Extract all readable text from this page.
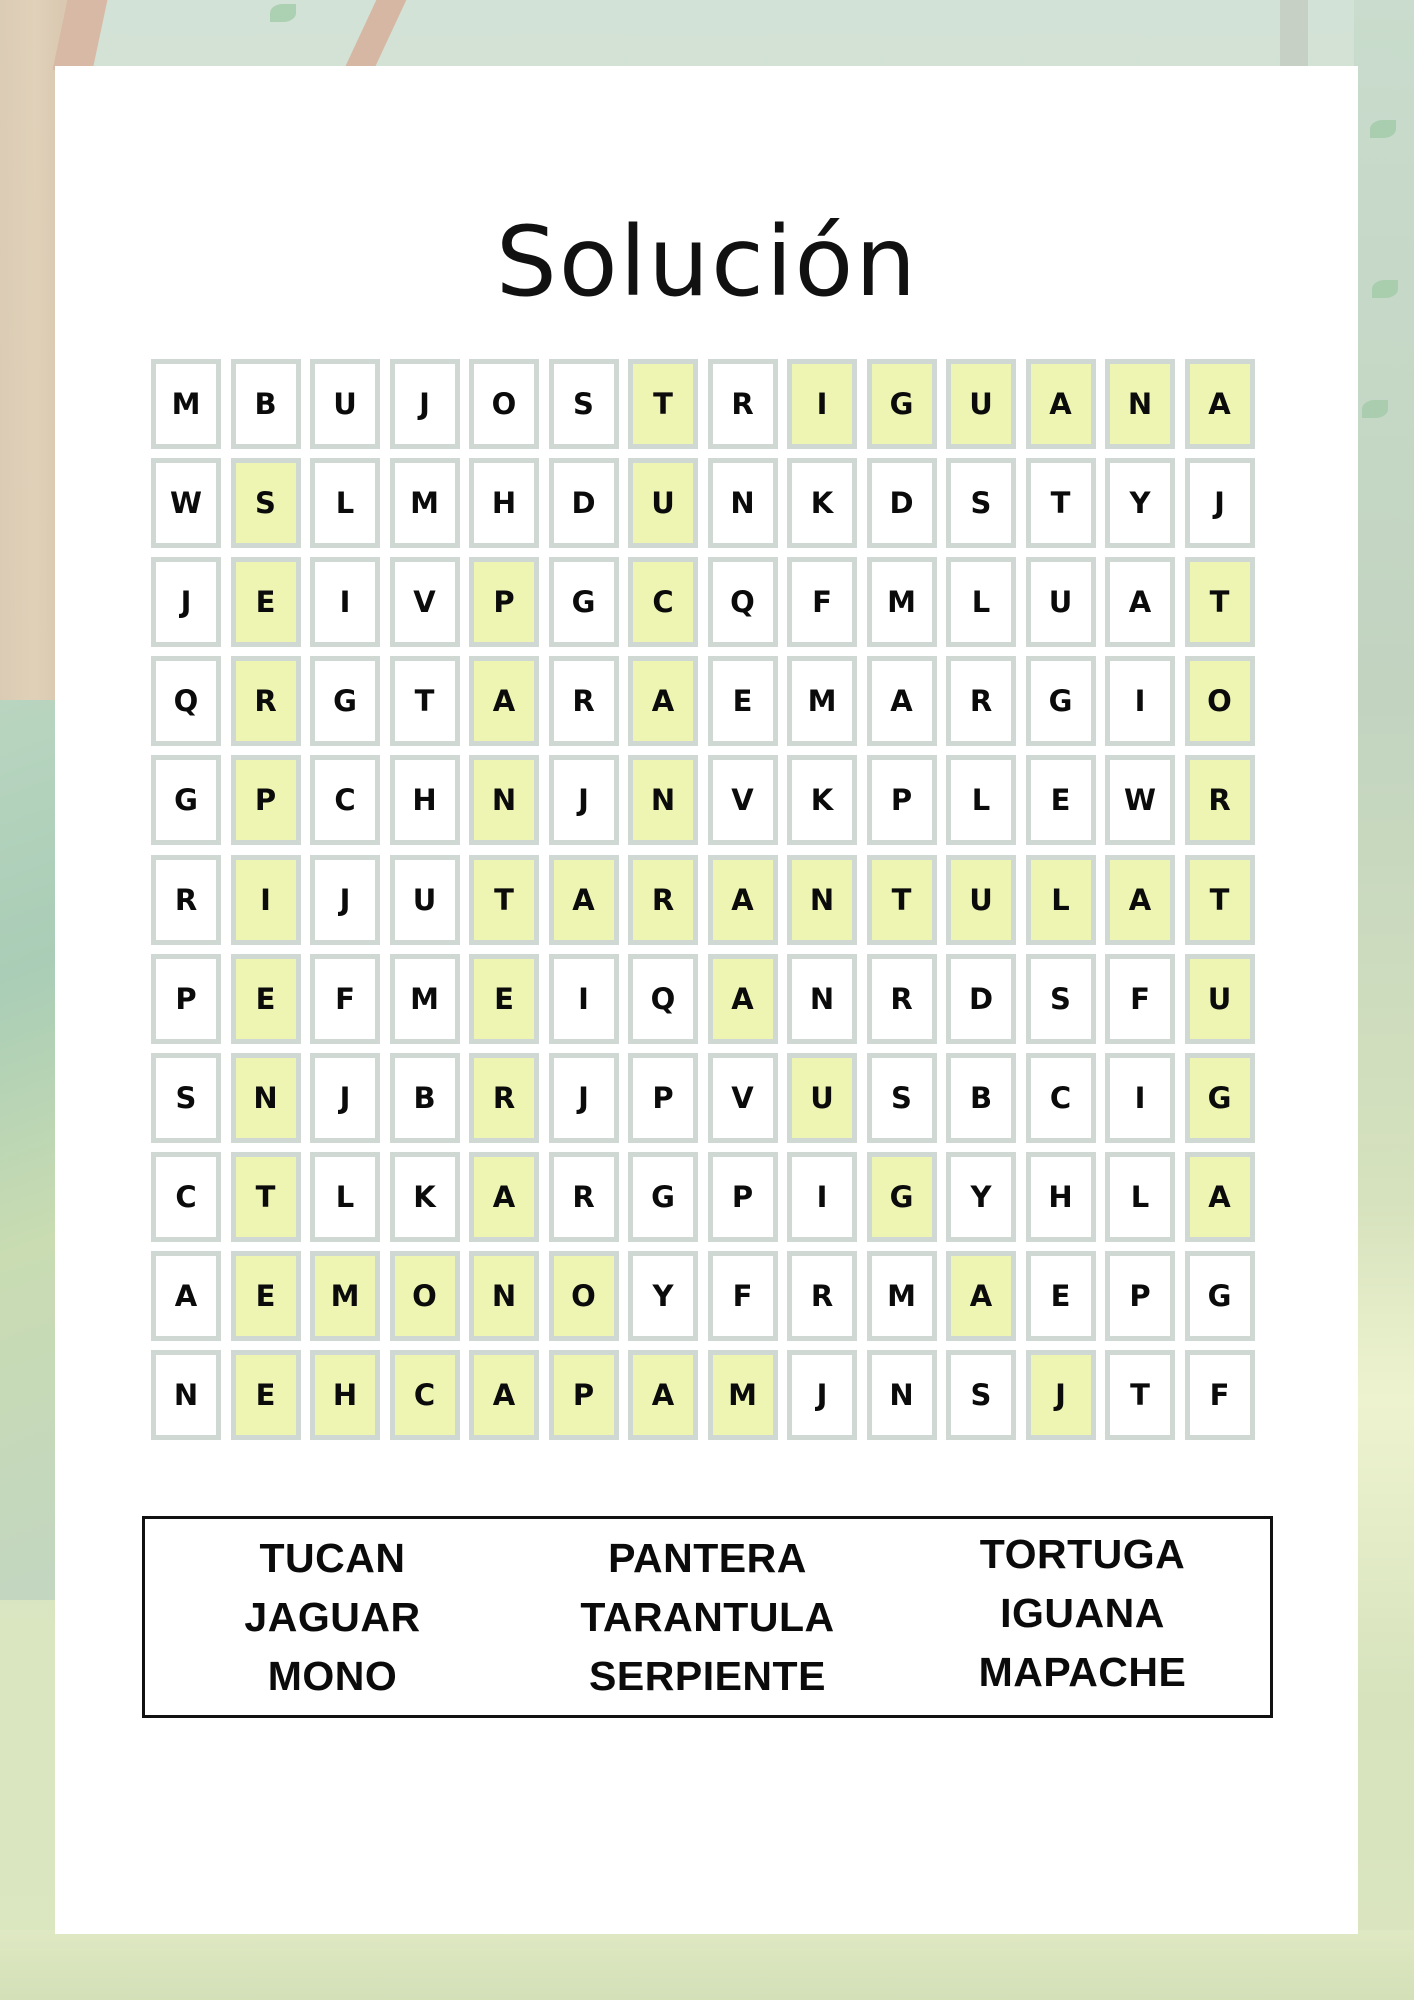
Solución
M	B	U	J	O	S	T	R	I	G	U	A	N	A
W	S	L	M	H	D	U	N	K	D	S	T	Y	J
J	E	I	V	P	G	C	Q	F	M	L	U	A	T
Q	R	G	T	A	R	A	E	M	A	R	G	I	O
G	P	C	H	N	J	N	V	K	P	L	E	W	R
R	I	J	U	T	A	R	A	N	T	U	L	A	T
P	E	F	M	E	I	Q	A	N	R	D	S	F	U
S	N	J	B	R	J	P	V	U	S	B	C	I	G
C	T	L	K	A	R	G	P	I	G	Y	H	L	A
A	E	M	O	N	O	Y	F	R	M	A	E	P	G
N	E	H	C	A	P	A	M	J	N	S	J	T	F
TUCAN
JAGUAR
MONO
PANTERA
TARANTULA
SERPIENTE
TORTUGA
IGUANA
MAPACHE
